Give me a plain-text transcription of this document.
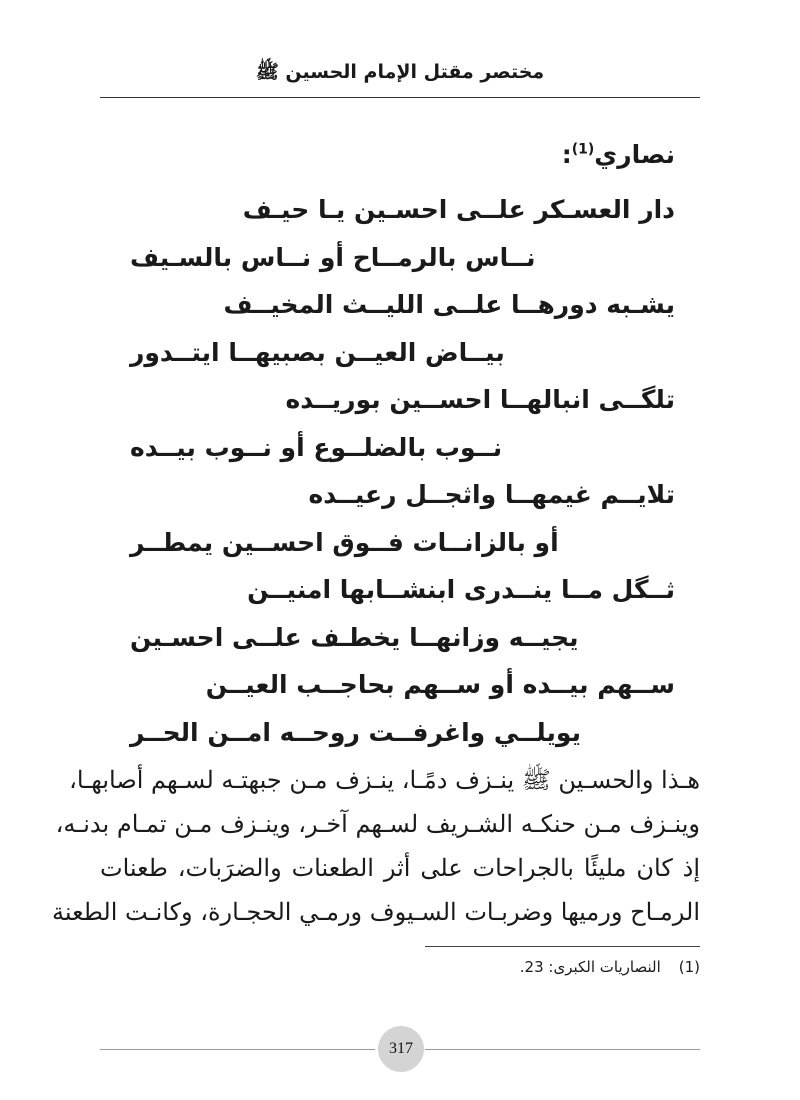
مختصر مقتل الإمام الحسين ﷺ
نصاري$^{(1)}$:
دار العسـكر علــى احسـين يـا حيـف
نــاس بالرمــاح أو نــاس بالسـيف
يشـبه دورهــا علــى الليــث المخيــف
بيــاض العيــن بصبيهــا ايتــدور
تلگــى انبالهــا احســين بوريــده
نــوب بالضلــوع أو نــوب بيــده
تلايــم غيمهــا واثجــل رعيــده
أو بالزانــات فــوق احســين يمطــر
ثــگل مــا ينــدرى ابنشــابها امنيــن
يجيــه وزانهــا يخطـف علــى احسـين
ســهم بيــده أو ســهم بحاجــب العيــن
يويلــي واغرفــت روحــه امــن الحــر
هـذا والحسـين ﷺ ينـزف دمًـا، ينـزف مـن جبهتـه لسـهم أصابهـا،
وينـزف مـن حنكـه الشـريف لسـهم آخـر، وينـزف مـن تمـام بدنـه،
إذ كان مليئًا بالجراحات على أثر الطعنات والضرَبات، طعنات
الرمـاح ورميها وضربـات السـيوف ورمـي الحجـارة، وكانـت الطعنة
(1)النصاريات الكبرى: 23.
317
